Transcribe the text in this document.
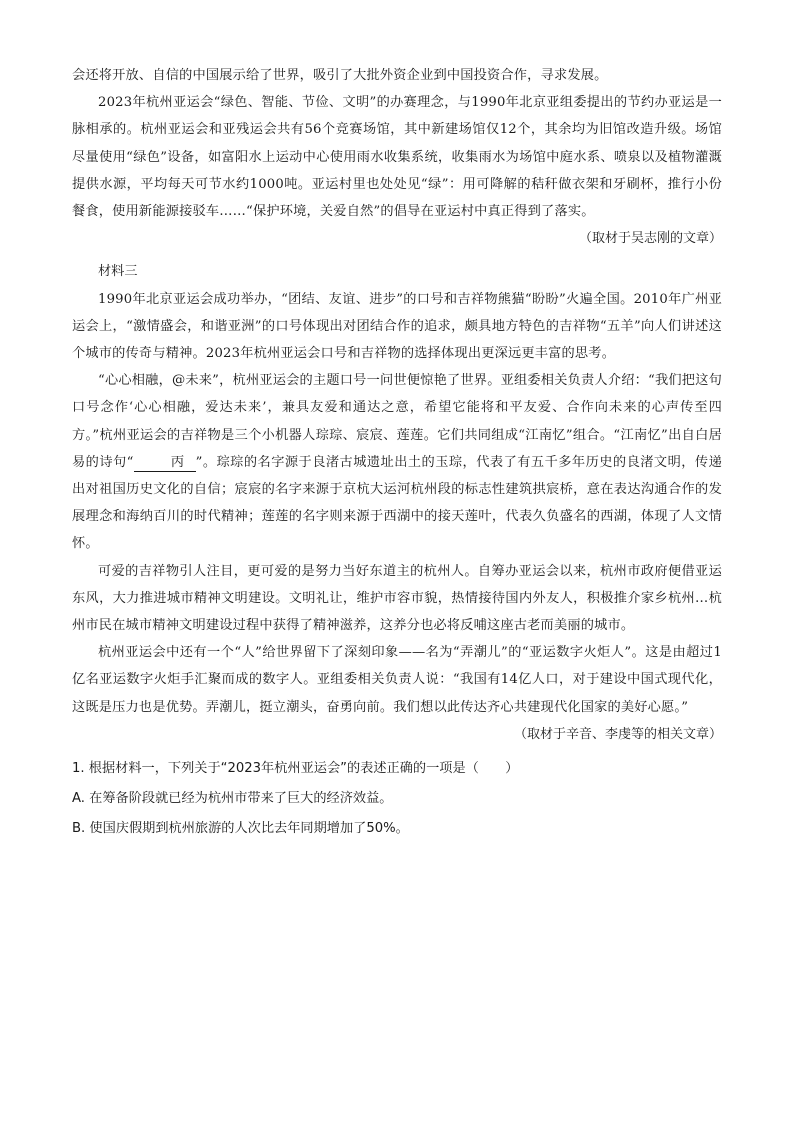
会还将开放、自信的中国展示给了世界，吸引了大批外资企业到中国投资合作，寻求发展。

2023年杭州亚运会“绿色、智能、节俭、文明”的办赛理念，与1990年北京亚组委提出的节约办亚运是一脉相承的。杭州亚运会和亚残运会共有56个竞赛场馆，其中新建场馆仅12个，其余均为旧馆改造升级。场馆尽量使用“绿色”设备，如富阳水上运动中心使用雨水收集系统，收集雨水为场馆中庭水系、喷泉以及植物灌溉提供水源，平均每天可节水约1000吨。亚运村里也处处见“绿”：用可降解的秸秆做衣架和牙刷杯，推行小份餐食，使用新能源接驳车……“保护环境，关爱自然”的倡导在亚运村中真正得到了落实。

（取材于吴志刚的文章）

材料三

1990年北京亚运会成功举办，“团结、友谊、进步”的口号和吉祥物熊猫“盼盼”火遍全国。2010年广州亚运会上，“激情盛会，和谐亚洲”的口号体现出对团结合作的追求，颇具地方特色的吉祥物“五羊”向人们讲述这个城市的传奇与精神。2023年杭州亚运会口号和吉祥物的选择体现出更深远更丰富的思考。

“心心相融，@未来”，杭州亚运会的主题口号一问世便惊艳了世界。亚组委相关负责人介绍：“我们把这句口号念作‘心心相融，爱达未来’，兼具友爱和通达之意，希望它能将和平友爱、合作向未来的心声传至四方。”杭州亚运会的吉祥物是三个小机器人琮琮、宸宸、莲莲。它们共同组成“江南忆”组合。“江南忆”出自白居易的诗句“	丙 ”。琮琮的名字源于良渚古城遗址出土的玉琮，代表了有五千多年历史的良渚文明，传递出对祖国历史文化的自信；宸宸的名字来源于京杭大运河杭州段的标志性建筑拱宸桥，意在表达沟通合作的发展理念和海纳百川的时代精神；莲莲的名字则来源于西湖中的接天莲叶，代表久负盛名的西湖，体现了人文情怀。

可爱的吉祥物引人注目，更可爱的是努力当好东道主的杭州人。自筹办亚运会以来，杭州市政府便借亚运东风，大力推进城市精神文明建设。文明礼让，维护市容市貌，热情接待国内外友人，积极推介家乡杭州…杭州市民在城市精神文明建设过程中获得了精神滋养，这养分也必将反哺这座古老而美丽的城市。

杭州亚运会中还有一个“人”给世界留下了深刻印象——名为“弄潮儿”的“亚运数字火炬人”。这是由超过1亿名亚运数字火炬手汇聚而成的数字人。亚组委相关负责人说：“我国有14亿人口，对于建设中国式现代化，这既是压力也是优势。弄潮儿，挺立潮头，奋勇向前。我们想以此传达齐心共建现代化国家的美好心愿。”

（取材于辛音、李虔等的相关文章）

1. 根据材料一，下列关于“2023年杭州亚运会”的表述正确的一项是（　　）

A. 在筹备阶段就已经为杭州市带来了巨大的经济效益。

B. 使国庆假期到杭州旅游的人次比去年同期增加了50%。
